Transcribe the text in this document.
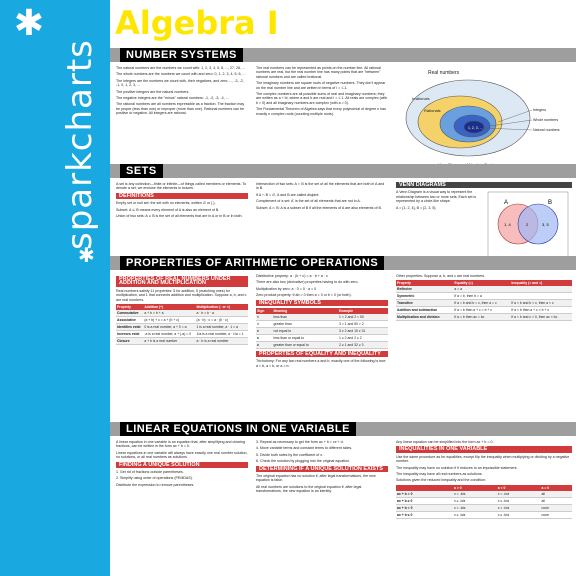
✱
✱
sparkcharts
Algebra I
NUMBER SYSTEMS

The natural numbers are the numbers we count with: 1, 2, 3, 4, 5, 6, ..., 27, 28, ...

The whole numbers are the numbers we count with and zero: 0, 1, 2, 3, 4, 5, 6, ...

The integers are the numbers we count with, their negatives, and zero: ..., -3, -2, -1, 0, 1, 2, 3, ...

The positive integers are the natural numbers.

The negative integers are the "minus" natural numbers: -1, -2, -3, -4, ...

The rational numbers are all numbers expressible as a fraction. The fraction may be proper (less than one) or improper (more than one). Rational numbers can be positive or negative. All integers are rational.

The real numbers can be represented as points on the number line. All rational numbers are real, but the real number line has many points that are "between" rational numbers and are called irrational.

The imaginary numbers are square roots of negative numbers. They don't appear on the real number line and are written in terms of i = √-1.

The complex numbers are all possible sums of real and imaginary numbers; they are written as a + bi, where a and b are real and i = √-1. All reals are complex (with b = 0) and all imaginary numbers are complex (with a = 0).

The Fundamental Theorem of Algebra says that every polynomial of degree n has exactly n complex roots (counting multiple roots).

Real numbers
1, 2, 3, ...
Irrationals
Rationals	Integers
Whole numbers
Natural numbers
SETS

A set is any collection—finite or infinite—of things called members or elements. To denote a set, we enclose the elements in braces.

DEFINITIONS

Empty set or null set: the set with no elements; written ∅ or { }.

Subset: A ⊆ B means every element of A is also an element of B.

Union of two sets: A ∪ B is the set of all elements that are in A or in B or in both.

Intersection of two sets: A ∩ B is the set of all the elements that are both in A and in B.

If A ∩ B = ∅, A and B are called disjoint.

Complement of a set: A' is the set of all elements that are not in A.

Subset: A ⊂ B: A is a subset of B if all the elements of A are also elements of B.

VENN DIAGRAMS

A Venn Diagram is a visual way to represent the relationship between two or more sets. Each set is represented by a circle-like shape.

A = {1, 2, 4}, B = {2, 3, 5}

A	B
1, 4	2	3, 5
PROPERTIES OF ARITHMETIC OPERATIONS
PROPERTIES OF REAL NUMBERS UNDER ADDITION AND MULTIPLICATION

Real numbers satisfy 11 properties: 5 for addition, 5 (matching ones) for multiplication, and 1 that connects addition and multiplication. Suppose a, b, and c are real numbers.

Property	Addition (+)	Multiplication (· or ×)
Commutative	a + b = b + a	a · b = b · a
Associative	(a + b) + c = a + (b + c)	(a · b) · c = a · (b · c)
Identities exist	0 is a real number, a + 0 = a	1 is a real number, a · 1 = a
Inverses exist	-a is a real number, a + (-a) = 0	1/a is a real number, a · 1/a = 1
Closure	a + b is a real number	a · b is a real number

Distributive property: a · (b + c) = a · b + a · c

There are also two (derivative) properties having to do with zero.

Multiplication by zero: a · 0 = 0 · a = 0

Zero product property: If ab = 0 then a = 0 or b = 0 (or both).

INEQUALITY SYMBOLS
Sign	Meaning	Example
<	less than	1 < 2 and 2 < 50
>	greater than	3 > 1 and 50 > 2
≠	not equal to	3 ≠ 2 and 10 ≠ 31
≤	less than or equal to	1 ≤ 2 and 2 ≤ 2
≥	greater than or equal to	2 ≥ 1 and 32 ≥ 3
PROPERTIES OF EQUALITY AND INEQUALITY

Trichotomy: For any two real numbers a and b, exactly one of the following is true: a < b, a = b, or a > b.

Other properties: Suppose a, b, and c are real numbers.

Property	Equality (=)	Inequality (< and >)
Reflexive	a = a	
Symmetric	If a = b, then b = a	
Transitive	If a = b and b = c, then a = c	If a < b and b < c, then a < c
Addition and subtraction	If a = b then a + c = b + c	If a < b then a + c < b + c
Multiplication and division	If a = b then ac = bc	If a < b and c > 0, then ac < bc
LINEAR EQUATIONS IN ONE VARIABLE

A linear equation in one variable is an equation that, after simplifying and clearing fractions, can be written in the form ax + b = 0.

Linear equations in one variable will always have exactly one real number solution, no solutions, or all real numbers as solutions.

FINDING A UNIQUE SOLUTION

1. Get rid of fractions outside parentheses.

2. Simplify using order of operations (PEMDAS).

Distribute the expression to remove parentheses.

3. Repeat as necessary to get the form ax + b = cx + d.

4. Move variable terms and constant terms to different sides.

5. Divide both sides by the coefficient of x.

6. Check the solution by plugging into the original equation.

DETERMINING IF A UNIQUE SOLUTION EXISTS

The original equation has no solution if, after legal transformations, the new equation is false.

All real numbers are solutions to the original equation if, after legal transformations, the new equation is an identity.

Any linear equation can be simplified into the form ax + b = 0.

INEQUALITIES IN ONE VARIABLE

Use the same procedure as for equalities, except flip the inequality when multiplying or dividing by a negative number.

The inequality may have no solution if it reduces to an impossible statement.

The inequality may have all real numbers as solutions.

Solutions given the reduced inequality and the condition:

	a > 0	a < 0	a = 0
ax + b > 0	x > -b/a	x < -b/a	all
ax + b ≥ 0	x ≥ -b/a	x ≤ -b/a	all
ax + b < 0	x < -b/a	x > -b/a	none
ax + b ≤ 0	x ≤ -b/a	x ≥ -b/a	none
